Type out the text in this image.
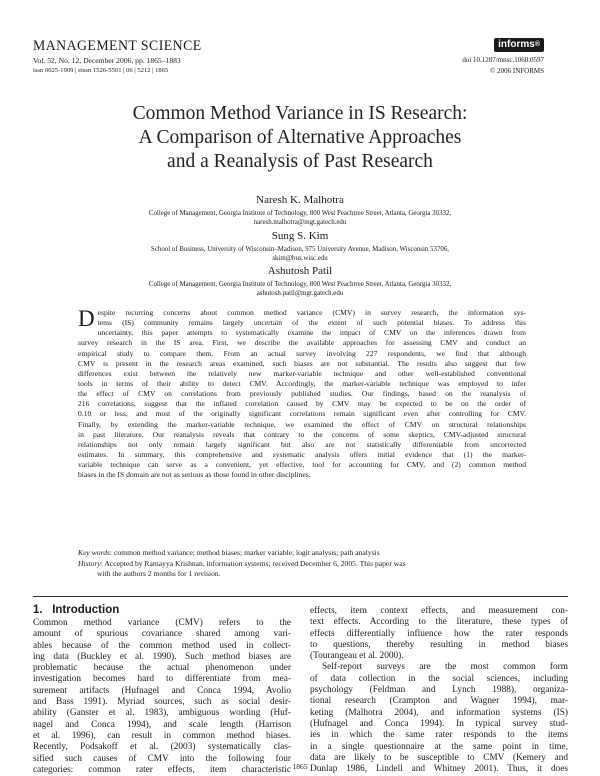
MANAGEMENT SCIENCE
Vol. 52, No. 12, December 2006, pp. 1865–1883
issn 0025-1909 | eissn 1526-5501 | 06 | 5212 | 1865
informs®
doi 10.1287/mnsc.1060.0597
© 2006 INFORMS
Common Method Variance in IS Research:
A Comparison of Alternative Approaches
and a Reanalysis of Past Research
Naresh K. Malhotra
College of Management, Georgia Institute of Technology, 800 West Peachtree Street, Atlanta, Georgia 30332,
naresh.malhotra@mgt.gatech.edu
Sung S. Kim
School of Business, University of Wisconsin–Madison, 975 University Avenue, Madison, Wisconsin 53706,
skim@bus.wisc.edu
Ashutosh Patil
College of Management, Georgia Institute of Technology, 800 West Peachtree Street, Atlanta, Georgia 30332,
ashutosh.patil@mgt.gatech.edu
D espite recurring concerns about common method variance (CMV) in survey research, the information sys-
tems (IS) community remains largely uncertain of the extent of such potential biases. To address this
uncertainty, this paper attempts to systematically examine the impact of CMV on the inferences drawn from
survey research in the IS area. First, we describe the available approaches for assessing CMV and conduct an
empirical study to compare them. From an actual survey involving 227 respondents, we find that although
CMV is present in the research areas examined, such biases are not substantial. The results also suggest that few
differences exist between the relatively new marker-variable technique and other well-established conventional
tools in terms of their ability to detect CMV. Accordingly, the marker-variable technique was employed to infer
the effect of CMV on correlations from previously published studies. Our findings, based on the reanalysis of
216 correlations, suggest that the inflated correlation caused by CMV may be expected to be on the order of
0.10 or less, and most of the originally significant correlations remain significant even after controlling for CMV.
Finally, by extending the marker-variable technique, we examined the effect of CMV on structural relationships
in past literature. Our reanalysis reveals that contrary to the concerns of some skeptics, CMV-adjusted structural
relationships not only remain largely significant but also are not statistically differentiable from uncorrected
estimates. In summary, this comprehensive and systematic analysis offers initial evidence that (1) the marker-
variable technique can serve as a convenient, yet effective, tool for accounting for CMV, and (2) common method
biases in the IS domain are not as serious as those found in other disciplines.
Key words: common method variance; method biases; marker variable; logit analysis; path analysis
History: Accepted by Ramayya Krishnan, information systems; received December 6, 2005. This paper was
with the authors 2 months for 1 revision.
1. Introduction
Common method variance (CMV) refers to the
amount of spurious covariance shared among vari-
ables because of the common method used in collect-
ing data (Buckley et al. 1990). Such method biases are
problematic because the actual phenomenon under
investigation becomes hard to differentiate from mea-
surement artifacts (Hufnagel and Conca 1994, Avolio
and Bass 1991). Myriad sources, such as social desir-
ability (Ganster et al. 1983), ambiguous wording (Huf-
nagel and Conca 1994), and scale length (Harrison
et al. 1996), can result in common method biases.
Recently, Podsakoff et al. (2003) systematically clas-
sified such causes of CMV into the following four
categories: common rater effects, item characteristic
effects, item context effects, and measurement con-
text effects. According to the literature, these types of
effects differentially influence how the rater responds
to questions, thereby resulting in method biases
(Tourangeau et al. 2000).
Self-report surveys are the most common form
of data collection in the social sciences, including
psychology (Feldman and Lynch 1988), organiza-
tional research (Crampton and Wagner 1994), mar-
keting (Malhotra 2004), and information systems (IS)
(Hufnagel and Conca 1994). In typical survey stud-
ies in which the same rater responds to the items
in a single questionnaire at the same point in time,
data are likely to be susceptible to CMV (Kemery and
Dunlap 1986, Lindell and Whitney 2001). Thus, it does
1865
